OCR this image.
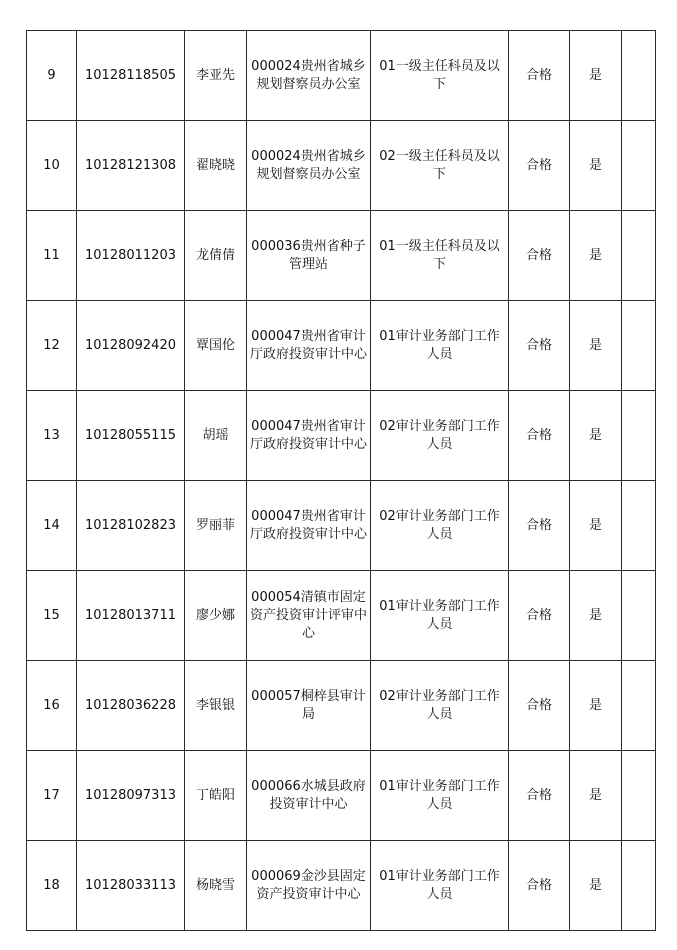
9	10128118505	李亚先	000024贵州省城乡规划督察员办公室	01一级主任科员及以下	合格	是	
10	10128121308	翟晓晓	000024贵州省城乡规划督察员办公室	02一级主任科员及以下	合格	是	
11	10128011203	龙倩倩	000036贵州省种子管理站	01一级主任科员及以下	合格	是	
12	10128092420	覃国伦	000047贵州省审计厅政府投资审计中心	01审计业务部门工作人员	合格	是	
13	10128055115	胡瑶	000047贵州省审计厅政府投资审计中心	02审计业务部门工作人员	合格	是	
14	10128102823	罗丽菲	000047贵州省审计厅政府投资审计中心	02审计业务部门工作人员	合格	是	
15	10128013711	廖少娜	000054清镇市固定资产投资审计评审中心	01审计业务部门工作人员	合格	是	
16	10128036228	李银银	000057桐梓县审计局	02审计业务部门工作人员	合格	是	
17	10128097313	丁皓阳	000066水城县政府投资审计中心	01审计业务部门工作人员	合格	是	
18	10128033113	杨晓雪	000069金沙县固定资产投资审计中心	01审计业务部门工作人员	合格	是	
